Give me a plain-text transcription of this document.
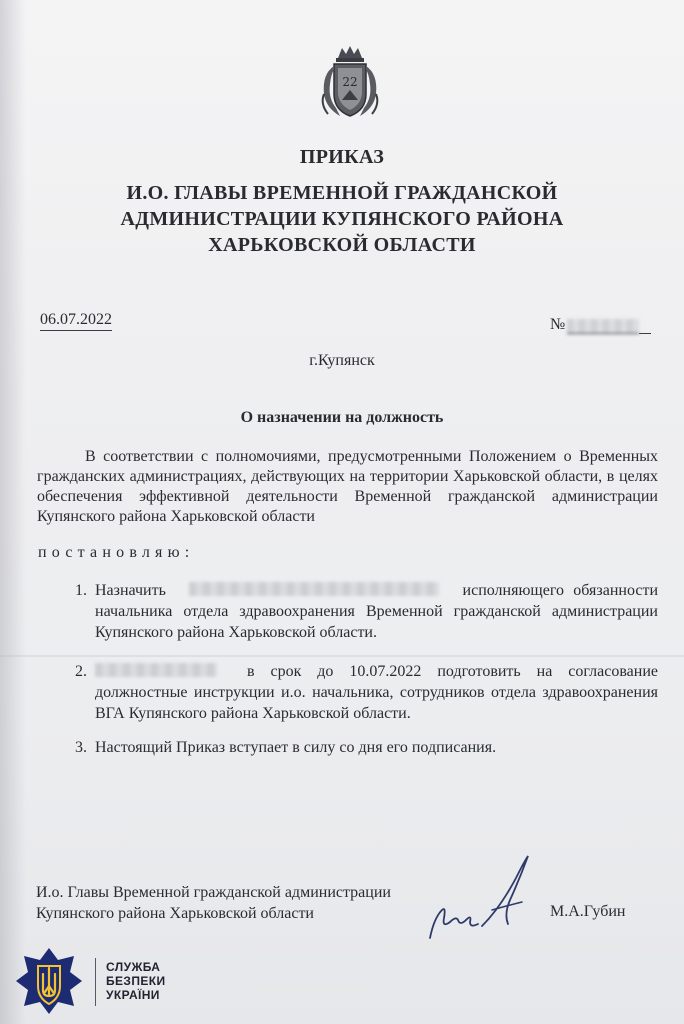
22
ПРИКАЗ
И.О. ГЛАВЫ ВРЕМЕННОЙ ГРАЖДАНСКОЙ
АДМИНИСТРАЦИИ КУПЯНСКОГО РАЙОНА
ХАРЬКОВСКОЙ ОБЛАСТИ
06.07.2022	№
г.Купянск
О назначении на должность
В соответствии с полномочиями, предусмотренными Положением о Временных гражданских администрациях, действующих на территории Харьковской области, в целях обеспечения эффективной деятельности Временной гражданской администрации Купянского района Харьковской области
постановляю:
1. Назначить	исполняющего обязанности начальника отдела здравоохранения Временной гражданской администрации Купянского района Харьковской области.
2.	в срок до 10.07.2022 подготовить на согласование должностные инструкции и.о. начальника, сотрудников отдела здравоохранения ВГА Купянского района Харьковской области.
3. Настоящий Приказ вступает в силу со дня его подписания.
И.о. Главы Временной гражданской администрации
Купянского района Харьковской области	М.А.Губин
СЛУЖБА
БЕЗПЕКИ
УКРАЇНИ
